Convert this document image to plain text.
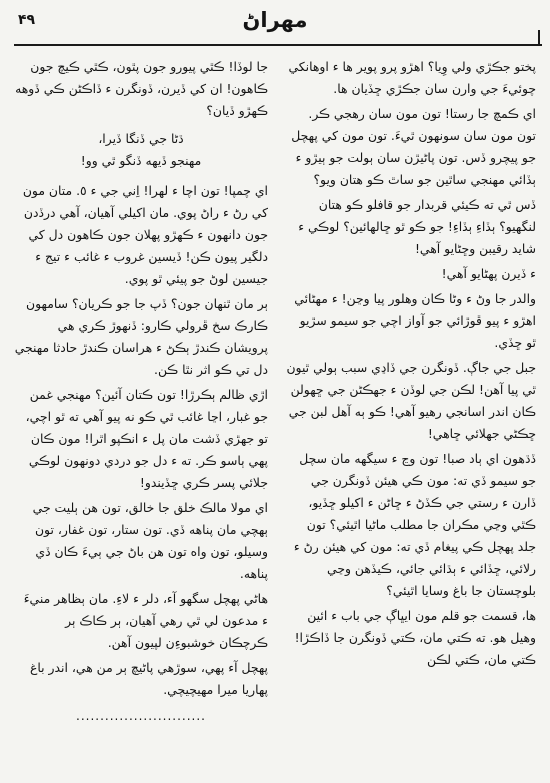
۴۹	مهراڻ

پختو جڪڙي ولي وِيا؟ اهڙو پرو پوير ها ء اوهانکي چوئيءَ جي وارن سان جڪڙي ڇڏيان ها.

اي ڪمچ جا رستا! تون مون سان رهجي ڪر. تون مون سان سونهون ٿيءَ. تون مون کي پهچل جو پيچرو ڏس. تون پاڻيڙن سان ٻولت جو ٻيڙو ء ٻڏائي مهنجي ساٿين جو ساٿ ڪو هتان ويو؟

ڏس ٿي ته ڪيئي قربدار جو قافلو ڪو هتان لنگهيو؟ ٻڏاءِ ٻڏاءِ! جو ڪو ٿو ڇالهائين؟ لوڪي ء شايد رقيبن وڇڻايو آهي!

ء ڏيرن پهڻايو آهي!

والدر جا وڻ ء وڻا ڪان وهلور پيا وڃن! ء مهڻائي اهڙو ء پيو ڦوڙائي جو آواز اچي جو سيمو سڙيو ٿو ڇڏي.

جبل جي جاڳ. ڏونگرن جي ڏاڍي سبب ٻولي ٿيون ٿي پيا آهن! لڪن جي لوڏن ء جهڪڻن جي ڇهولن ڪان اندر اسانجي رهيو آهي! ڪو ٻه آهل لبن جي ڇڪڻي جهلائي ڇاهي!

ڏڌهون اي ٻاد صبا! تون وڃ ء سيگهه مان سچل جو سيمو ڏي ته: مون ڪي هيئن ڏونگرن جي ڏارن ء رستي جي ڪڏڻ ء ڇاڻن ء اکيلو ڇڏيو، ڪٿي وڃي مڪران جا مطلب ماڻيا اٿيئي؟ تون جلد پهچل ڪي پيغام ڏي ته: مون کي هيئن رڻ ء رلائي، ڇڏائي ء ٻڌائي جائي، ڪيڏهن وڃي بلوچستان جا باغ وسايا اٿيئي؟

ها، قسمت جو قلم مون ايڀاڳ جي باب ء ائين وهيل هو. ته ڪتي مان، ڪتي ڏونگرن جا ڏاڪڙا! ڪتي مان، ڪتي لڪن

جا لوڏا! ڪٿي پيورو جون پٿون، ڪٿي ڪيچ جون ڪاهون! ان کي ڏيرن، ڏونگرن ء ڏاڪڻن ڪي ڏوهه ڪهڙو ڏيان؟

ڌڻا جي ڏنگا ڏيرا،
مهنجو ڏيهه ڏنگو ٿي وو!

اي چمپا! تون اچا ء لهرا! اِني جي ء ٥. متان مون کي رڻ ء راڻ پوي. مان اکيلي آهيان، آهي درڏدن جون دانهون ء ڪهڙو پهلان جون ڪاهون دل کي دلگير پيون ڪن! ڏيسين غروب ء غائب ء تيج ء جيسين لوڻ جو پيئي ٿو پوي.

ٻر مان ٿنهان جون؟ ڏپ جا جو ڪريان؟ سامهون ڪارڪ سخ ڦرولي ڪارو: ڏنهوڙ ڪري هي پرويشان ڪندڙ ٻڪڻ ء هراسان ڪندڙ حادثا مهنجي دل تي ڪو اثر نٿا ڪن.

اڙي ظالم ٻڪرڙا! تون ڪتان آئين؟ مهنجي غمن جو غبار، اڃا غائب ٿي ڪو نه پيو آهي ته ٿو اچي، تو جهڙي ڏشت مان پل ء انڪپو اٿرا! مون ڪان پهي ٻاسو ڪر. ته ء دل جو دردي دونهون لوڪي جلائي پسر ڪري ڇڏيندو!

اي مولا مالڪ خلق جا خالق، تون هن ٻليت جي ٻهچي مان پناهه ڏي. تون ستار، تون غفار، تون وسيلو، تون واه تون هن باڻ جي ٻيءَ ڪان ڏي پناهه.

هاڻي پهچل سگهو آء، دلر ء لاءِ. مان ٻظاهر منيءَ ء مدعون لي ٿي رهي آهيان، ٻر ڪاڪ ٻر ڪرچڪان خوشبوءِن لپيون آهن.

پهچل آء پهي، سوڙهي پاڻيچ ٻر من هي، اندر باغ پهاريا ميرا مهيچيچي.

...........................
